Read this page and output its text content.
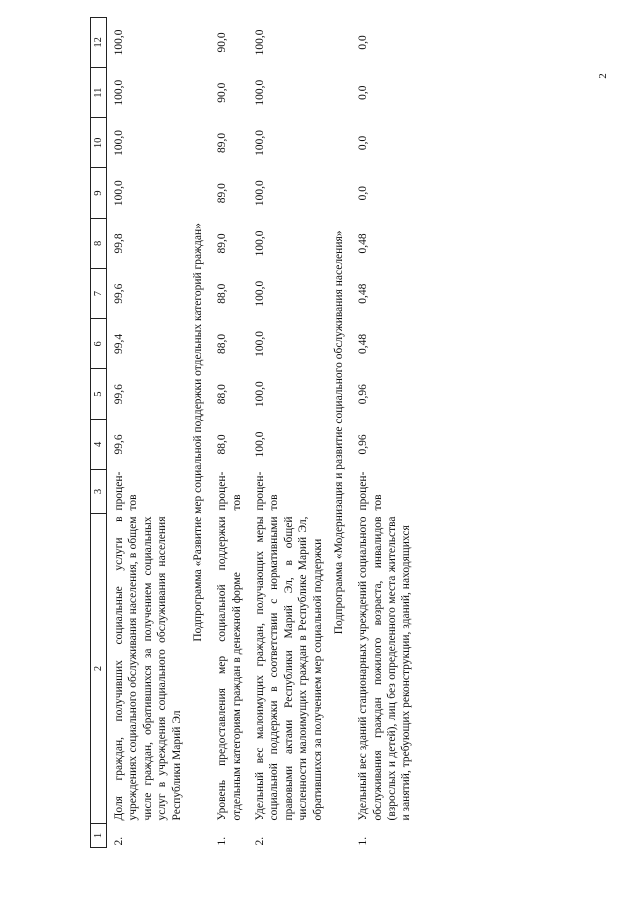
2
1	2	3	4	5	6	7	8	9	10	11	12
2.	Доля граждан, получивших социальные услуги в учреждениях социального обслуживания населения, в общем числе граждан, обратившихся за получением социальных услуг в учреждения социального обслуживания населения Республики Марий Эл	процен-тов	99,6	99,6	99,4	99,6	99,8	100,0	100,0	100,0	100,0
Подпрограмма «Развитие мер социальной поддержки отдельных категорий граждан»											
1.	Уровень предоставления мер социальной поддержки отдельным категориям граждан в денежной форме	процен-тов	88,0	88,0	88,0	88,0	89,0	89,0	89,0	90,0	90,0
2.	Удельный вес малоимущих граждан, получающих меры социальной поддержки в соответствии с нормативными правовыми актами Республики Марий Эл, в общей численности малоимущих граждан в Республике Марий Эл, обратившихся за получением мер социальной поддержки	процен-тов	100,0	100,0	100,0	100,0	100,0	100,0	100,0	100,0	100,0
Подпрограмма «Модернизация и развитие социального обслуживания населения»											
1.	Удельный вес зданий стационарных учреждений социального обслуживания граждан пожилого возраста, инвалидов (взрослых и детей), лиц без определенного места жительства и занятий, требующих реконструкции, зданий, находящихся	процен-тов	0,96	0,96	0,48	0,48	0,48	0,0	0,0	0,0	0,0
